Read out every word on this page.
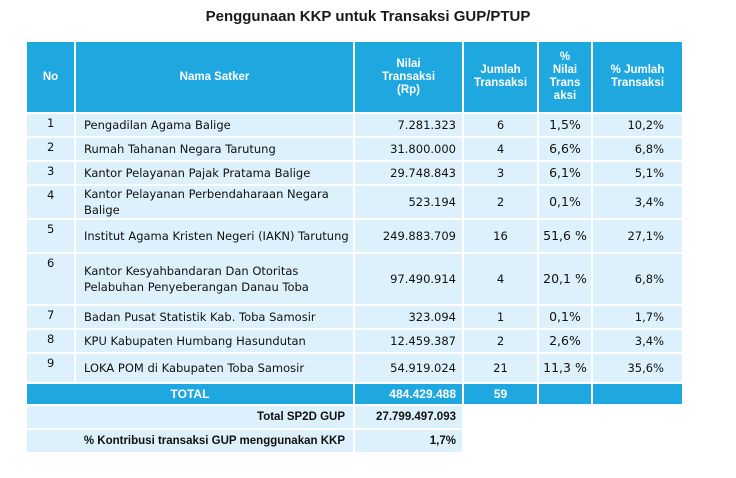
Penggunaan KKP untuk Transaksi GUP/PTUP
No	Nama Satker	Nilai Transaksi (Rp)	Jumlah Transaksi	% Nilai Trans aksi	% Jumlah Transaksi
1	Pengadilan Agama Balige	7.281.323	6	1,5%	10,2%
2	Rumah Tahanan Negara Tarutung	31.800.000	4	6,6%	6,8%
3	Kantor Pelayanan Pajak Pratama Balige	29.748.843	3	6,1%	5,1%
4	Kantor Pelayanan Perbendaharaan Negara Balige	523.194	2	0,1%	3,4%
5	Institut Agama Kristen Negeri (IAKN) Tarutung	249.883.709	16	51,6 %	27,1%
6	Kantor Kesyahbandaran Dan Otoritas Pelabuhan Penyeberangan Danau Toba	97.490.914	4	20,1 %	6,8%
7	Badan Pusat Statistik Kab. Toba Samosir	323.094	1	0,1%	1,7%
8	KPU Kabupaten Humbang Hasundutan	12.459.387	2	2,6%	3,4%
9	LOKA POM di Kabupaten Toba Samosir	54.919.024	21	11,3 %	35,6%
TOTAL		484.429.488	59		
Total SP2D GUP		27.799.497.093			
% Kontribusi transaksi GUP menggunakan KKP		1,7%			
